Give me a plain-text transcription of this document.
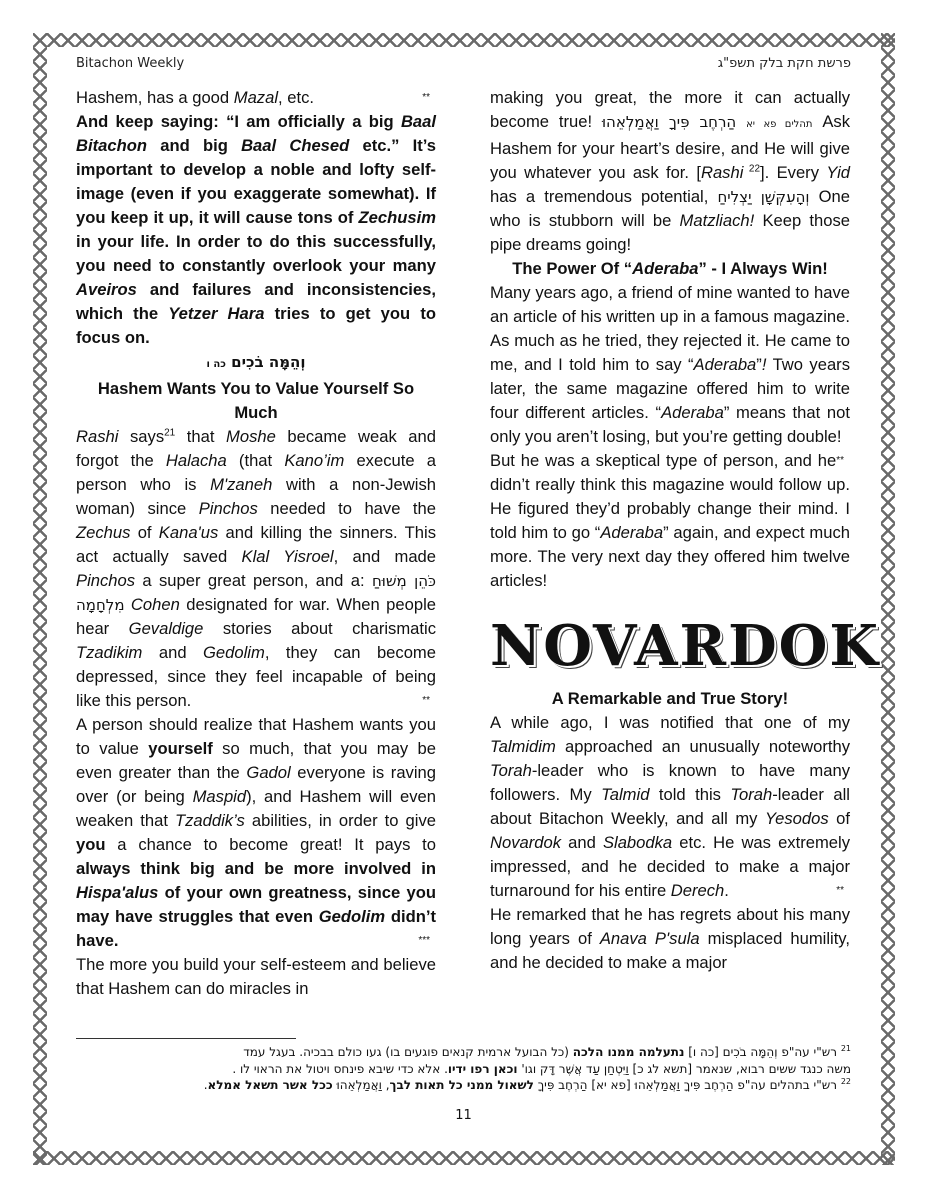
Bitachon Weekly	פרשת חקת בלק תשפ"ג

Hashem, has a good Mazal, etc.	**

And keep saying: “I am officially a big Baal Bitachon and big Baal Chesed etc.” It’s important to develop a noble and lofty self-image (even if you exaggerate somewhat). If you keep it up, it will cause tons of Zechusim in your life. In order to do this successfully, you need to constantly overlook your many Aveiros and failures and inconsistencies, which the Yetzer Hara tries to get you to focus on.

וְהֵמָּה בֹכִים כה ו

Hashem Wants You to Value Yourself So Much

Rashi says$^{21}$ that Moshe became weak and forgot the Halacha (that Kano’im execute a person who is M'zaneh with a non-Jewish woman) since Pinchos needed to have the Zechus of Kana'us and killing the sinners. This act actually saved Klal Yisroel, and made Pinchos a super great person, and a: כֹּהֵן מְשׁוּחַ מִלְחָמָה Cohen designated for war. When people hear Gevaldige stories about charismatic Tzadikim and Gedolim, they can become depressed, since they feel incapable of being like this person.	**

A person should realize that Hashem wants you to value yourself so much, that you may be even greater than the Gadol everyone is raving over (or being Maspid), and Hashem will even weaken that Tzaddik’s abilities, in order to give you a chance to become great! It pays to always think big and be more involved in Hispa'alus of your own greatness, since you may have struggles that even Gedolim didn’t have.	***

The more you build your self-esteem and believe that Hashem can do miracles in

making you great, the more it can actually become true! הַרְחֶב פִּיךָ וַאֲמַלְאֵהוּ תהלים פא יא Ask Hashem for your heart’s desire, and He will give you whatever you ask for. [Rashi $^{22}$]. Every Yid has a tremendous potential, וְהָעִקְּשָׁן יַצְלִיחַ One who is stubborn will be Matzliach! Keep those pipe dreams going!

The Power Of “Aderaba” - I Always Win!

Many years ago, a friend of mine wanted to have an article of his written up in a famous magazine. As much as he tried, they rejected it. He came to me, and I told him to say “Aderaba”! Two years later, the same magazine offered him to write four different articles. “Aderaba” means that not only you aren’t losing, but you’re getting double!
**

But he was a skeptical type of person, and he didn’t really think this magazine would follow up. He figured they’d probably change their mind. I told him to go “Aderaba” again, and expect much more. The very next day they offered him twelve articles!

NOVARDOK

A Remarkable and True Story!

A while ago, I was notified that one of my Talmidim approached an unusually noteworthy Torah-leader who is known to have many followers. My Talmid told this Torah-leader all about Bitachon Weekly, and all my Yesodos of Novardok and Slabodka etc. He was extremely impressed, and he decided to make a major turnaround for his entire Derech.	**

He remarked that he has regrets about his many long years of Anava P'sula misplaced humility, and he decided to make a major

$^{21}$ רש"י עה"פ וְהֵמָּה בֹכִים [כה ו] נתעלמה ממנו הלכה (כל הבועל ארמית קנאים פוגעים בו) געו כולם בבכיה. בעגל עמד

משה כנגד ששים רבוא, שנאמר [תשא לג כ] וַיִּטְחַן עַד אֲשֶׁר דָּק וגו' וכאן רפו ידיו. אלא כדי שיבא פינחס ויטול את הראוי לו .

$^{22}$ רש"י בתהלים עה"פ הַרְחֶב פִּיךָ וַאֲמַלְאֵהוּ [פא יא] הַרְחֶב פִּיךָ לשאול ממני כל תאות לבך, וַאֲמַלְאֵהוּ ככל אשר תשאל אמלא.

11
